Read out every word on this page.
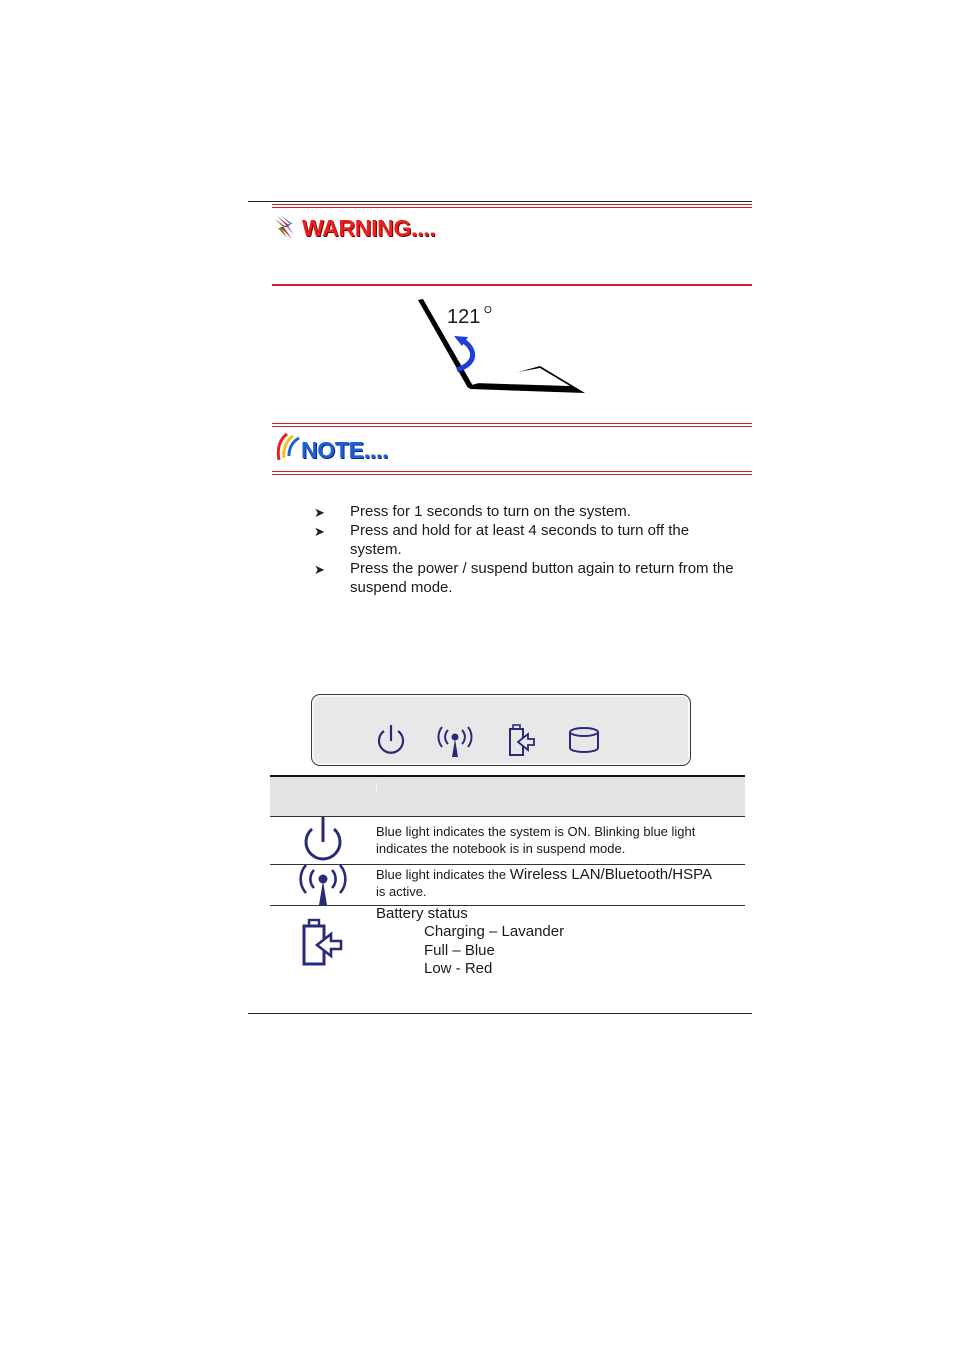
WARNING....
121 O
NOTE....
➤ Press for 1 seconds to turn on the system.
➤ Press and hold for at least 4 seconds to turn off the system.
➤ Press the power / suspend button again to return from the suspend mode.
Blue light indicates the system is ON. Blinking blue light indicates the notebook is in suspend mode.
Blue light indicates the Wireless LAN/Bluetooth/HSPA
is active.
Battery status
Charging – Lavander
Full – Blue
Low - Red
